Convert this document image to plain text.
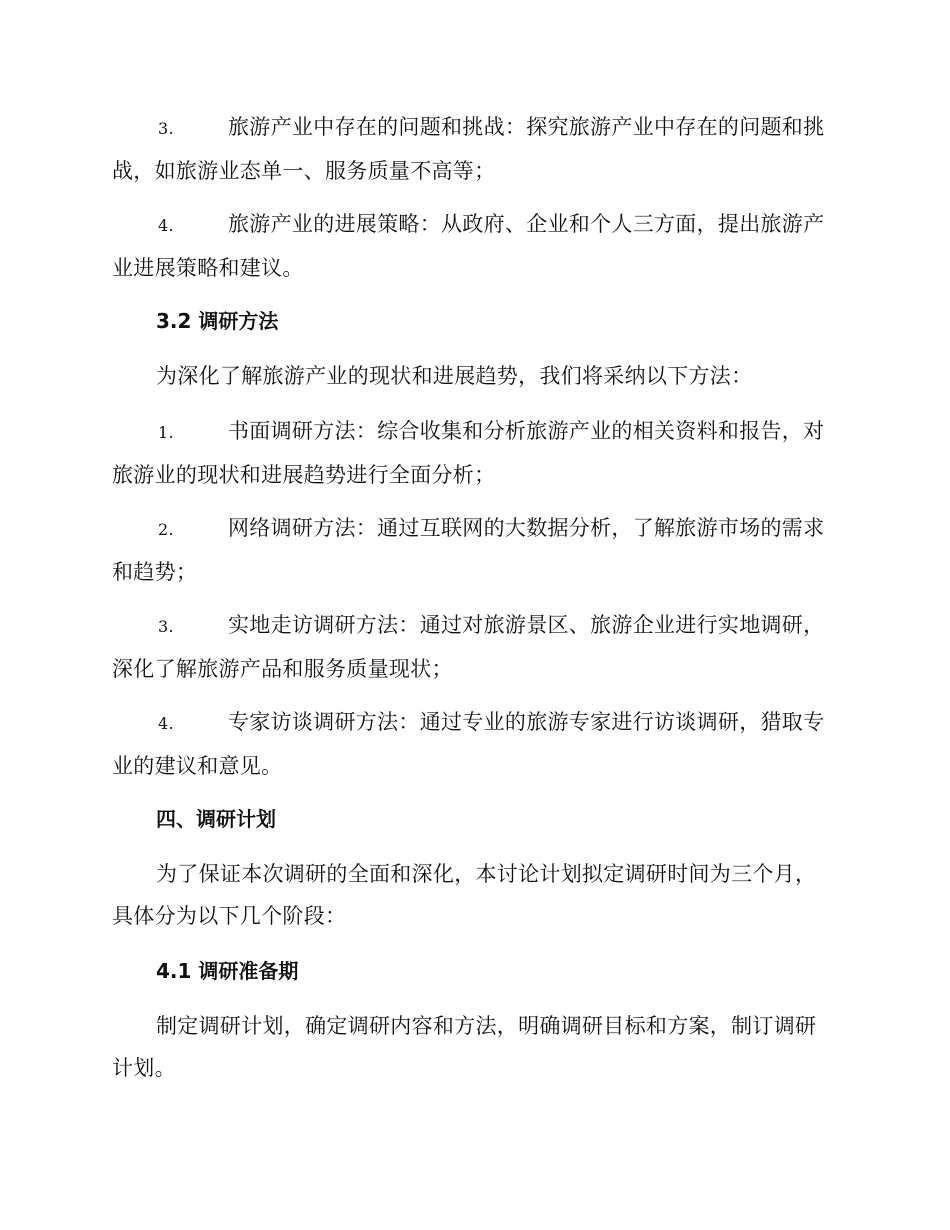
3.	旅游产业中存在的问题和挑战：探究旅游产业中存在的问题和挑战，如旅游业态单一、服务质量不高等；
4.	旅游产业的进展策略：从政府、企业和个人三方面，提出旅游产业进展策略和建议。
3.2 调研方法
为深化了解旅游产业的现状和进展趋势，我们将采纳以下方法：
1.	书面调研方法：综合收集和分析旅游产业的相关资料和报告，对旅游业的现状和进展趋势进行全面分析；
2.	网络调研方法：通过互联网的大数据分析，了解旅游市场的需求和趋势；
3.	实地走访调研方法：通过对旅游景区、旅游企业进行实地调研，深化了解旅游产品和服务质量现状；
4.	专家访谈调研方法：通过专业的旅游专家进行访谈调研，猎取专业的建议和意见。
四、调研计划
为了保证本次调研的全面和深化，本讨论计划拟定调研时间为三个月，具体分为以下几个阶段：
4.1 调研准备期
制定调研计划，确定调研内容和方法，明确调研目标和方案，制订调研计划。
